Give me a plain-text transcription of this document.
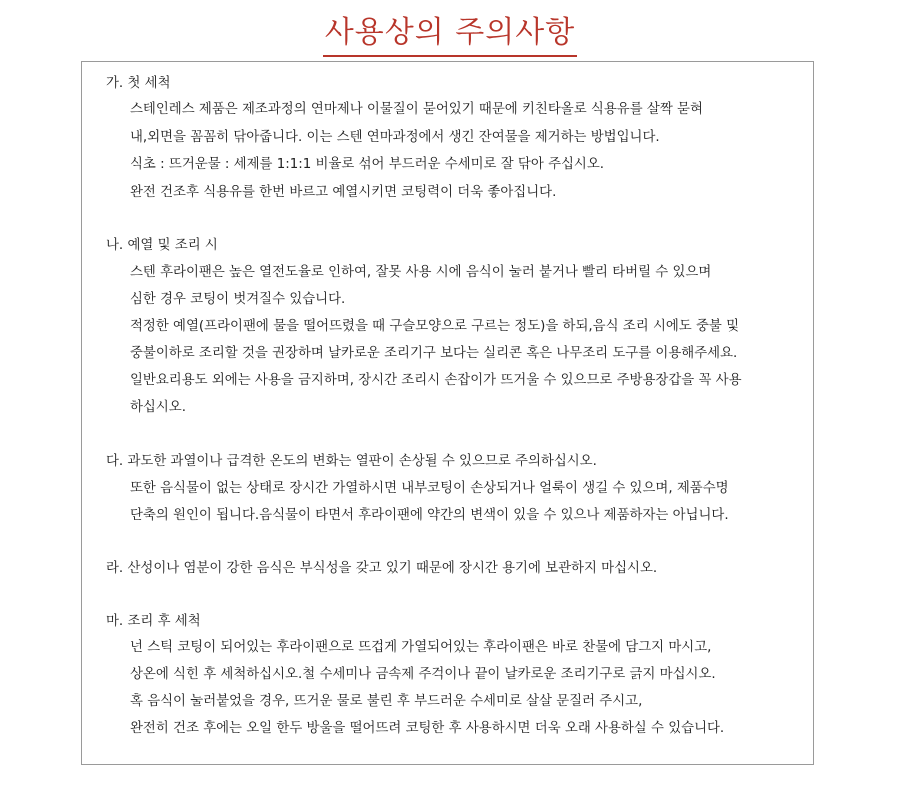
사용상의 주의사항
가. 첫 세척
스테인레스 제품은 제조과정의 연마제나 이물질이 묻어있기 때문에 키친타올로 식용유를 살짝 묻혀
내,외면을 꼼꼼히 닦아줍니다. 이는 스텐 연마과정에서 생긴 잔여물을 제거하는 방법입니다.
식초 : 뜨거운물 : 세제를 1:1:1 비율로 섞어 부드러운 수세미로 잘 닦아 주십시오.
완전 건조후 식용유를 한번 바르고 예열시키면 코팅력이 더욱 좋아집니다.
나. 예열 및 조리 시
스텐 후라이팬은 높은 열전도율로 인하여, 잘못 사용 시에 음식이 눌러 붙거나 빨리 타버릴 수 있으며
심한 경우 코팅이 벗겨질수 있습니다.
적정한 예열(프라이팬에 물을 떨어뜨렸을 때 구슬모양으로 구르는 정도)을 하되,음식 조리 시에도 중불 및
중불이하로 조리할 것을 권장하며 날카로운 조리기구 보다는 실리콘 혹은 나무조리 도구를 이용해주세요.
일반요리용도 외에는 사용을 금지하며, 장시간 조리시 손잡이가 뜨거울 수 있으므로 주방용장갑을 꼭 사용
하십시오.
다. 과도한 과열이나 급격한 온도의 변화는 열판이 손상될 수 있으므로 주의하십시오.
또한 음식물이 없는 상태로 장시간 가열하시면 내부코팅이 손상되거나 얼룩이 생길 수 있으며, 제품수명
단축의 원인이 됩니다.음식물이 타면서 후라이팬에 약간의 변색이 있을 수 있으나 제품하자는 아닙니다.
라. 산성이나 염분이 강한 음식은 부식성을 갖고 있기 때문에 장시간 용기에 보관하지 마십시오.
마. 조리 후 세척
넌 스틱 코팅이 되어있는 후라이팬으로 뜨겁게 가열되어있는 후라이팬은 바로 찬물에 담그지 마시고,
상온에 식힌 후 세척하십시오.철 수세미나 금속제 주걱이나 끝이 날카로운 조리기구로 긁지 마십시오.
혹 음식이 눌러붙었을 경우, 뜨거운 물로 불린 후 부드러운 수세미로 살살 문질러 주시고,
완전히 건조 후에는 오일 한두 방울을 떨어뜨려 코팅한 후 사용하시면 더욱 오래 사용하실 수 있습니다.
